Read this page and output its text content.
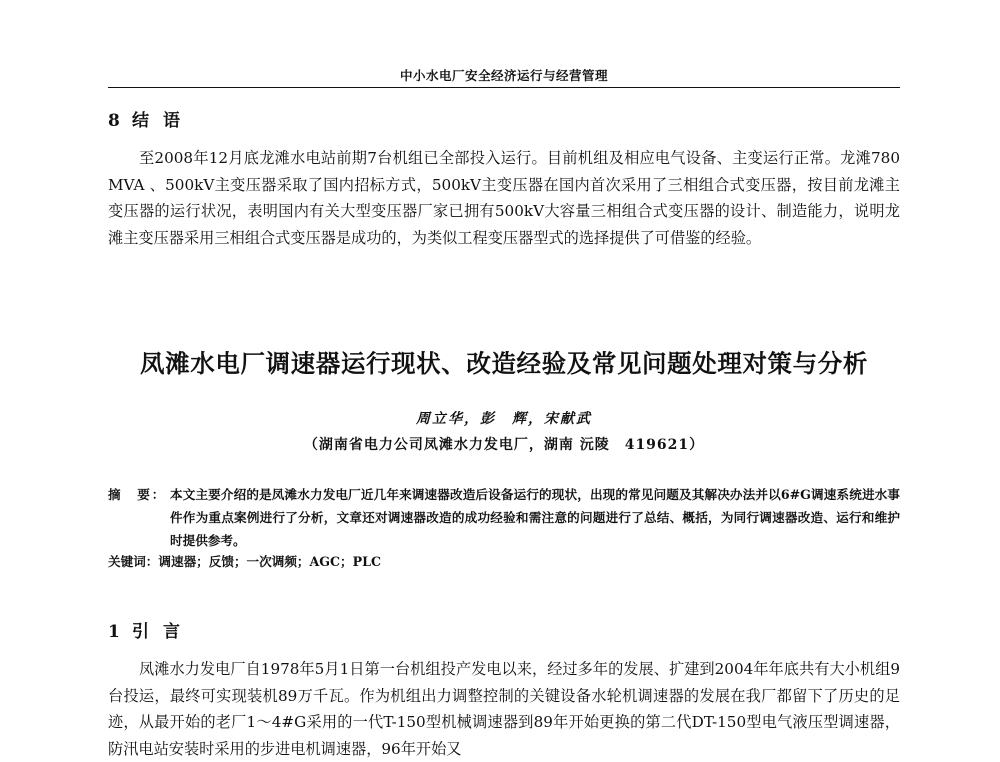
中小水电厂安全经济运行与经营管理
8 结语

至2008年12月底龙滩水电站前期7台机组已全部投入运行。目前机组及相应电气设备、主变运行正常。龙滩780 MVA 、500kV主变压器采取了国内招标方式，500kV主变压器在国内首次采用了三相组合式变压器，按目前龙滩主变压器的运行状况，表明国内有关大型变压器厂家已拥有500kV大容量三相组合式变压器的设计、制造能力，说明龙滩主变压器采用三相组合式变压器是成功的，为类似工程变压器型式的选择提供了可借鉴的经验。

凤滩水电厂调速器运行现状、改造经验及常见问题处理对策与分析
周立华，彭　辉，宋献武
（湖南省电力公司凤滩水力发电厂，湖南 沅陵　419621）
摘　要： 本文主要介绍的是凤滩水力发电厂近几年来调速器改造后设备运行的现状，出现的常见问题及其解决办法并以6#G调速系统进水事件作为重点案例进行了分析，文章还对调速器改造的成功经验和需注意的问题进行了总结、概括，为同行调速器改造、运行和维护时提供参考。
关键词：调速器；反馈；一次调频；AGC；PLC
1 引言

凤滩水力发电厂自1978年5月1日第一台机组投产发电以来，经过多年的发展、扩建到2004年年底共有大小机组9台投运，最终可实现装机89万千瓦。作为机组出力调整控制的关键设备水轮机调速器的发展在我厂都留下了历史的足迹，从最开始的老厂1～4#G采用的一代T-150型机械调速器到89年开始更换的第二代DT-150型电气液压型调速器，防汛电站安装时采用的步进电机调速器，96年开始又
